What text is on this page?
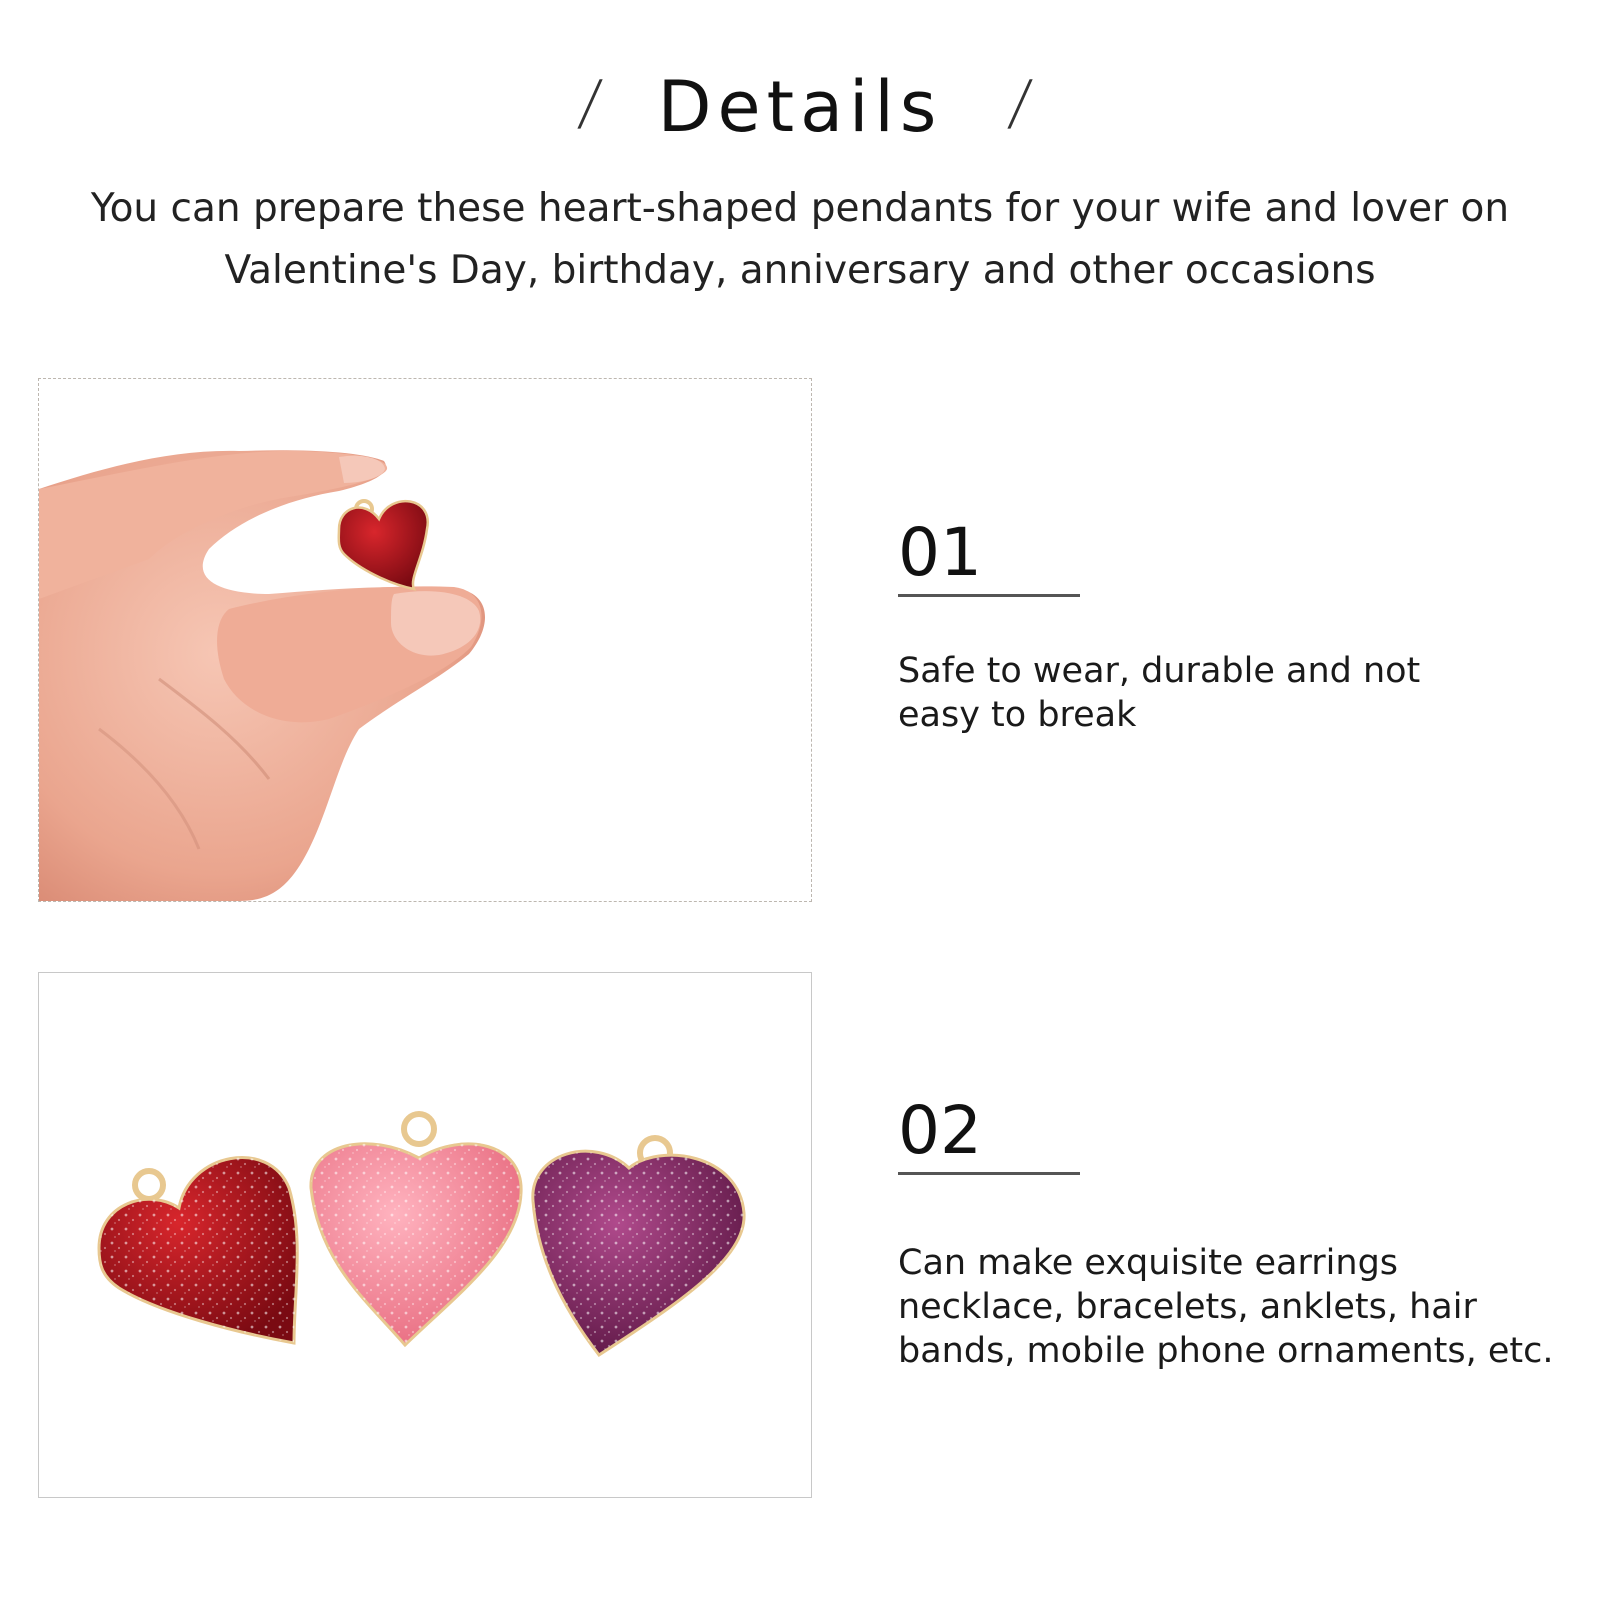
/ Details	/
You can prepare these heart-shaped pendants for your wife and lover on Valentine's Day, birthday, anniversary and other occasions
01
Safe to wear, durable and not easy to break
02
Can make exquisite earrings necklace, bracelets, anklets, hair bands, mobile phone ornaments, etc.
